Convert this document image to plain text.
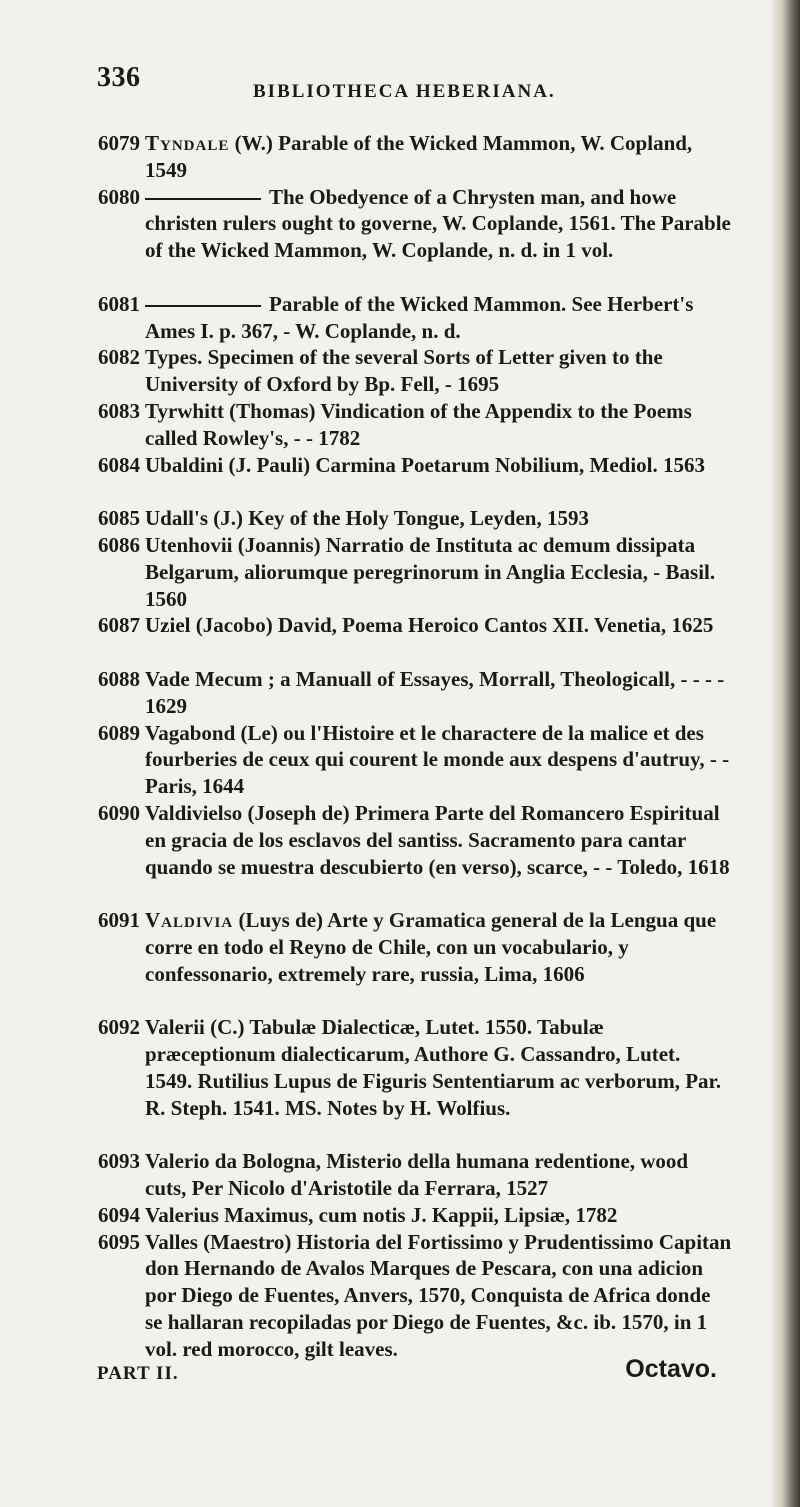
336	BIBLIOTHECA HEBERIANA.
6079 Tyndale (W.) Parable of the Wicked Mammon, W. Copland, 1549
6080	The Obedyence of a Chrysten man, and howe christen rulers ought to governe, W. Coplande, 1561. The Parable of the Wicked Mammon, W. Coplande, n. d. in 1 vol.
6081	Parable of the Wicked Mammon. See Herbert's Ames I. p. 367, - W. Coplande, n. d.
6082 Types. Specimen of the several Sorts of Letter given to the University of Oxford by Bp. Fell, - 1695
6083 Tyrwhitt (Thomas) Vindication of the Appendix to the Poems called Rowley's, - - 1782
6084 Ubaldini (J. Pauli) Carmina Poetarum Nobilium, Mediol. 1563
6085 Udall's (J.) Key of the Holy Tongue, Leyden, 1593
6086 Utenhovii (Joannis) Narratio de Instituta ac demum dissipata Belgarum, aliorumque peregrinorum in Anglia Ecclesia, - Basil. 1560
6087 Uziel (Jacobo) David, Poema Heroico Cantos XII. Venetia, 1625
6088 Vade Mecum ; a Manuall of Essayes, Morrall, Theologicall, - - - - 1629
6089 Vagabond (Le) ou l'Histoire et le charactere de la malice et des fourberies de ceux qui courent le monde aux despens d'autruy, - - Paris, 1644
6090 Valdivielso (Joseph de) Primera Parte del Romancero Espiritual en gracia de los esclavos del santiss. Sacramento para cantar quando se muestra descubierto (en verso), scarce, - - Toledo, 1618
6091 Valdivia (Luys de) Arte y Gramatica general de la Lengua que corre en todo el Reyno de Chile, con un vocabulario, y confessonario, extremely rare, russia, Lima, 1606
6092 Valerii (C.) Tabulæ Dialecticæ, Lutet. 1550. Tabulæ præceptionum dialecticarum, Authore G. Cassandro, Lutet. 1549. Rutilius Lupus de Figuris Sententiarum ac verborum, Par. R. Steph. 1541. MS. Notes by H. Wolfius.
6093 Valerio da Bologna, Misterio della humana redentione, wood cuts, Per Nicolo d'Aristotile da Ferrara, 1527
6094 Valerius Maximus, cum notis J. Kappii, Lipsiæ, 1782
6095 Valles (Maestro) Historia del Fortissimo y Prudentissimo Capitan don Hernando de Avalos Marques de Pescara, con una adicion por Diego de Fuentes, Anvers, 1570, Conquista de Africa donde se hallaran recopiladas por Diego de Fuentes, &c. ib. 1570, in 1 vol. red morocco, gilt leaves.
PART II.	Octavo.
